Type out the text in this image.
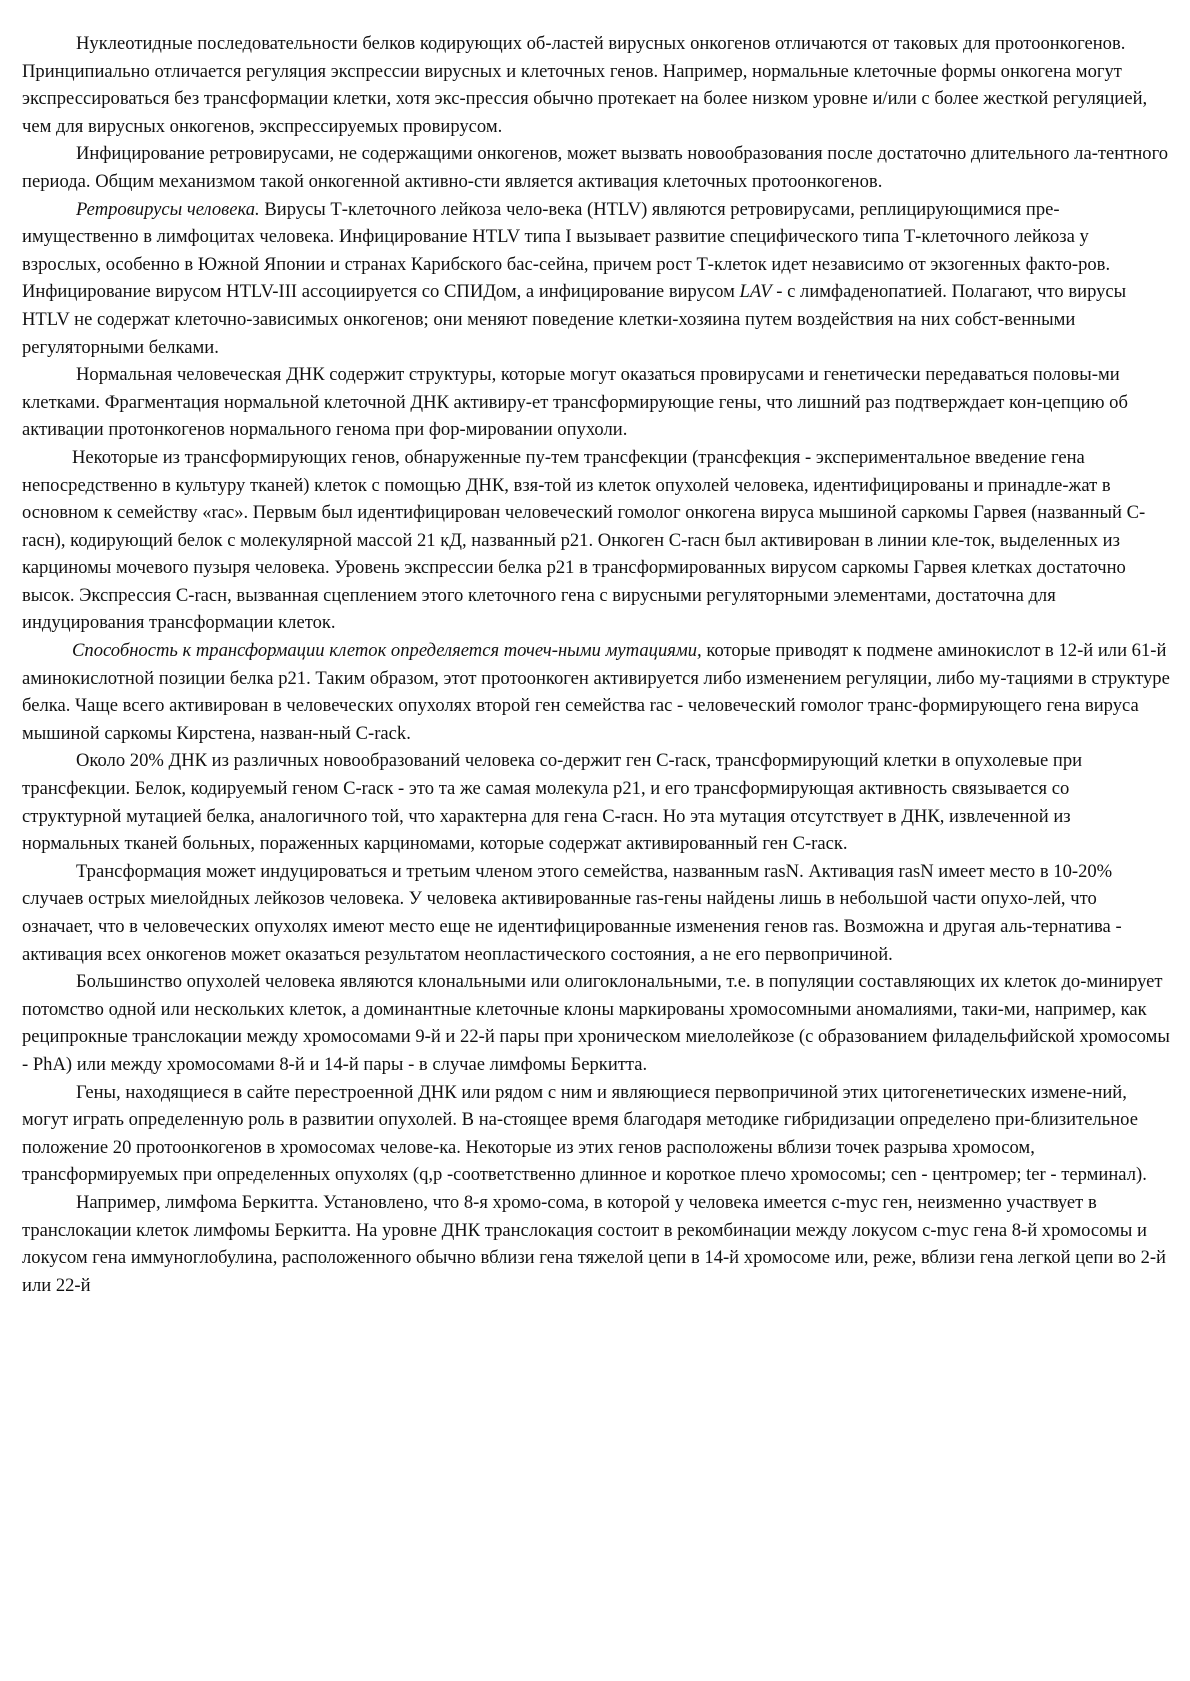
Нуклеотидные последовательности белков кодирующих об-ластей вирусных онкогенов отличаются от таковых для протоонкогенов. Принципиально отличается регуляция экспрессии вирусных и клеточных генов. Например, нормальные клеточные формы онкогена могут экспрессироваться без трансформации клетки, хотя экс-прессия обычно протекает на более низком уровне и/или с более жесткой регуляцией, чем для вирусных онкогенов, экспрессируемых провирусом.

Инфицирование ретровирусами, не содержащими онкогенов, может вызвать новообразования после достаточно длительного ла-тентного периода. Общим механизмом такой онкогенной активно-сти является активация клеточных протоонкогенов.

Ретровирусы человека. Вирусы Т-клеточного лейкоза чело-века (HTLV) являются ретровирусами, реплицирующимися пре-имущественно в лимфоцитах человека. Инфицирование HTLV типа I вызывает развитие специфического типа Т-клеточного лейкоза у взрослых, особенно в Южной Японии и странах Карибского бас-сейна, причем рост Т-клеток идет независимо от экзогенных факто-ров. Инфицирование вирусом HTLV-III ассоциируется со СПИДом, а инфицирование вирусом LAV - с лимфаденопатией. Полагают, что вирусы HTLV не содержат клеточно-зависимых онкогенов; они меняют поведение клетки-хозяина путем воздействия на них собст-венными регуляторными белками.

Нормальная человеческая ДНК содержит структуры, которые могут оказаться провирусами и генетически передаваться половы-ми клетками. Фрагментация нормальной клеточной ДНК активиру-ет трансформирующие гены, что лишний раз подтверждает кон-цепцию об активации протонкогенов нормального генома при фор-мировании опухоли.

Некоторые из трансформирующих генов, обнаруженные пу-тем трансфекции (трансфекция - экспериментальное введение гена непосредственно в культуру тканей) клеток с помощью ДНК, взя-той из клеток опухолей человека, идентифицированы и принадле-жат в основном к семейству «rас». Первым был идентифицирован человеческий гомолог онкогена вируса мышиной саркомы Гарвея (названный С-rасн), кодирующий белок с молекулярной массой 21 кД, названный p21. Онкоген С-rасн был активирован в линии кле-ток, выделенных из карциномы мочевого пузыря человека. Уровень экспрессии белка p21 в трансформированных вирусом саркомы Гарвея клетках достаточно высок. Экспрессия С-rасн, вызванная сцеплением этого клеточного гена с вирусными регуляторными элементами, достаточна для индуцирования трансформации клеток.

Способность к трансформации клеток определяется точеч-ными мутациями, которые приводят к подмене аминокислот в 12-й или 61-й аминокислотной позиции белка p21. Таким образом, этот протоонкоген активируется либо изменением регуляции, либо му-тациями в структуре белка. Чаще всего активирован в человеческих опухолях второй ген семейства rас - человеческий гомолог транс-формирующего гена вируса мышиной саркомы Кирстена, назван-ный С-rack.

Около 20% ДНК из различных новообразований человека со-держит ген С-rаск, трансформирующий клетки в опухолевые при трансфекции. Белок, кодируемый геном С-rаск - это та же самая молекула p21, и его трансформирующая активность связывается со структурной мутацией белка, аналогичного той, что характерна для гена С-rасн. Но эта мутация отсутствует в ДНК, извлеченной из нормальных тканей больных, пораженных карциномами, которые содержат активированный ген С-rаск.

Трансформация может индуцироваться и третьим членом этого семейства, названным rasN. Активация rasN имеет место в 10-20% случаев острых миелойдных лейкозов человека. У человека активированные ras-гены найдены лишь в небольшой части опухо-лей, что означает, что в человеческих опухолях имеют место еще не идентифицированные изменения генов ras. Возможна и другая аль-тернатива - активация всех онкогенов может оказаться результатом неопластического состояния, а не его первопричиной.

Большинство опухолей человека являются клональными или олигоклональными, т.е. в популяции составляющих их клеток до-минирует потомство одной или нескольких клеток, а доминантные клеточные клоны маркированы хромосомными аномалиями, таки-ми, например, как реципрокные транслокации между хромосомами 9-й и 22-й пары при хроническом миелолейкозе (с образованием филадельфийской хромосомы - PhA) или между хромосомами 8-й и 14-й пары - в случае лимфомы Беркитта.

Гены, находящиеся в сайте перестроенной ДНК или рядом с ним и являющиеся первопричиной этих цитогенетических измене-ний, могут играть определенную роль в развитии опухолей. В на-стоящее время благодаря методике гибридизации определено при-близительное положение 20 протоонкогенов в хромосомах челове-ка. Некоторые из этих генов расположены вблизи точек разрыва хромосом, трансформируемых при определенных опухолях (q,p -соответственно длинное и короткое плечо хромосомы; cen - центромер; ter - терминал).

Например, лимфома Беркитта. Установлено, что 8-я хромо-сома, в которой у человека имеется c-myc ген, неизменно участвует в транслокации клеток лимфомы Беркитта. На уровне ДНК транслокация состоит в рекомбинации между локусом c-myc гена 8-й хромосомы и локусом гена иммуноглобулина, расположенного обычно вблизи гена тяжелой цепи в 14-й хромосоме или, реже, вблизи гена легкой цепи во 2-й или 22-й
